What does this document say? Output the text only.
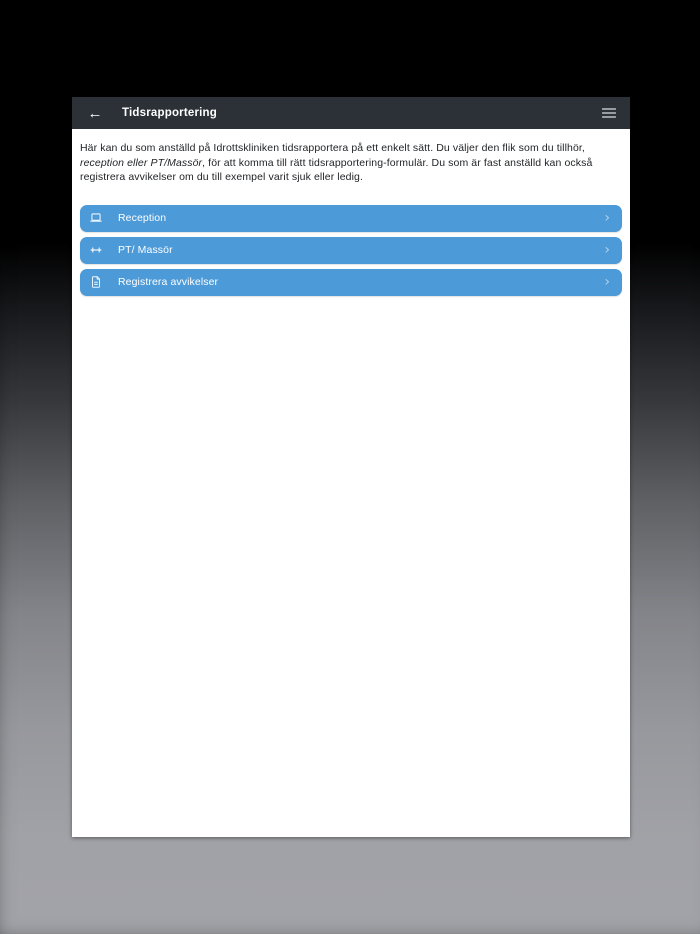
← Tidsrapportering

Här kan du som anställd på Idrottskliniken tidsrapportera på ett enkelt sätt. Du väljer den flik som du tillhör, reception eller PT/Massör, för att komma till rätt tidsrapportering-formulär. Du som är fast anställd kan också registrera avvikelser om du till exempel varit sjuk eller ledig.

Reception	›
PT/ Massör	›
Registrera avvikelser	›
